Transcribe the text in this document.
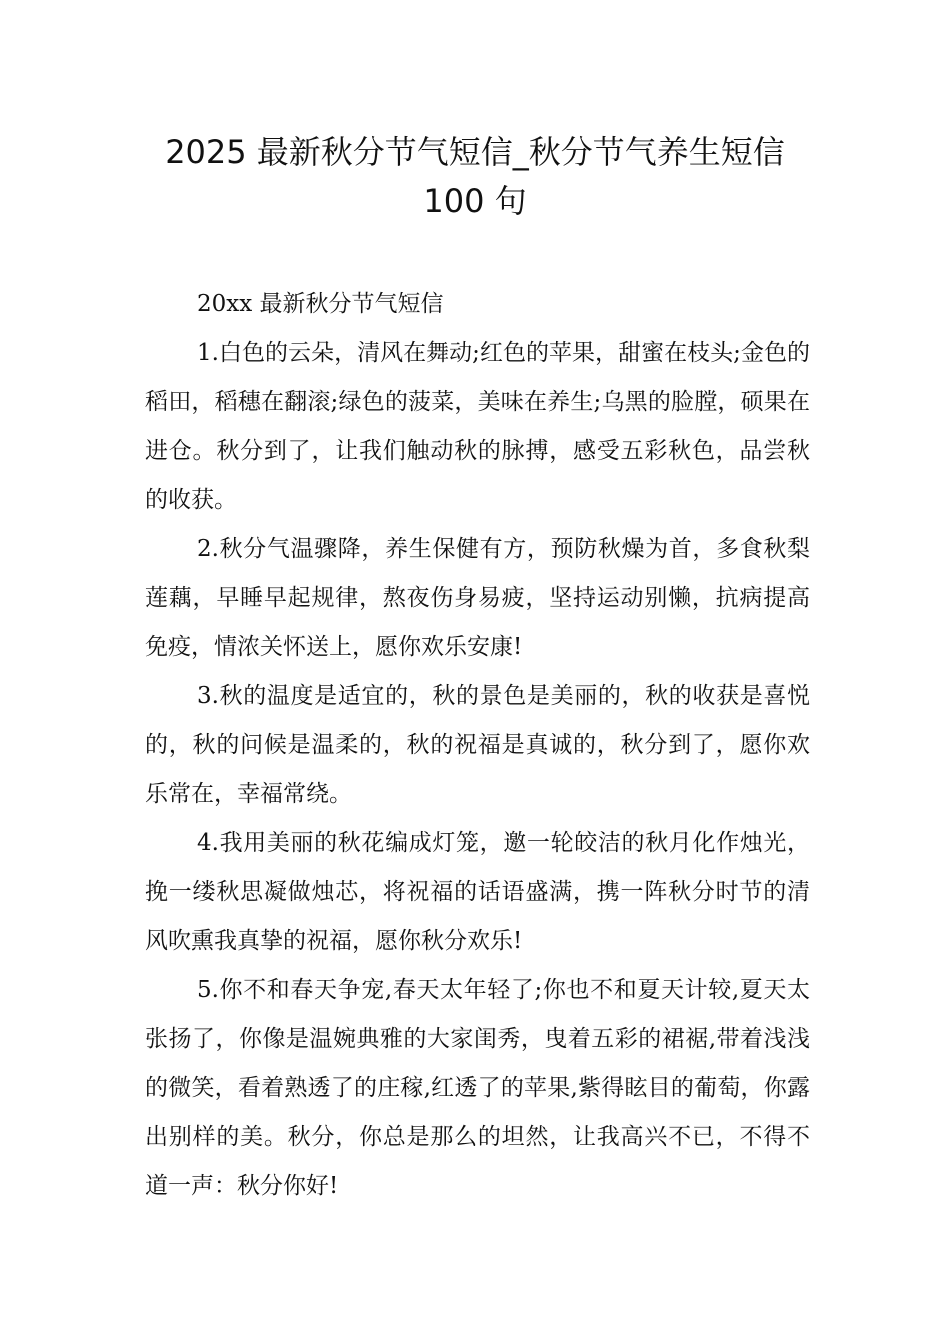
2025 最新秋分节气短信_秋分节气养生短信
100 句

20xx 最新秋分节气短信

1.白色的云朵，清风在舞动;红色的苹果，甜蜜在枝头;金色的稻田，稻穗在翻滚;绿色的菠菜，美味在养生;乌黑的脸膛，硕果在进仓。秋分到了，让我们触动秋的脉搏，感受五彩秋色，品尝秋的收获。

2.秋分气温骤降，养生保健有方，预防秋燥为首，多食秋梨莲藕，早睡早起规律，熬夜伤身易疲，坚持运动别懒，抗病提高免疫，情浓关怀送上，愿你欢乐安康!

3.秋的温度是适宜的，秋的景色是美丽的，秋的收获是喜悦的，秋的问候是温柔的，秋的祝福是真诚的，秋分到了，愿你欢乐常在，幸福常绕。

4.我用美丽的秋花编成灯笼，邀一轮皎洁的秋月化作烛光，挽一缕秋思凝做烛芯，将祝福的话语盛满，携一阵秋分时节的清风吹熏我真挚的祝福，愿你秋分欢乐!

5.你不和春天争宠,春天太年轻了;你也不和夏天计较,夏天太张扬了，你像是温婉典雅的大家闺秀，曳着五彩的裙裾,带着浅浅的微笑，看着熟透了的庄稼,红透了的苹果,紫得眩目的葡萄，你露出别样的美。秋分，你总是那么的坦然，让我高兴不已，不得不道一声：秋分你好!
